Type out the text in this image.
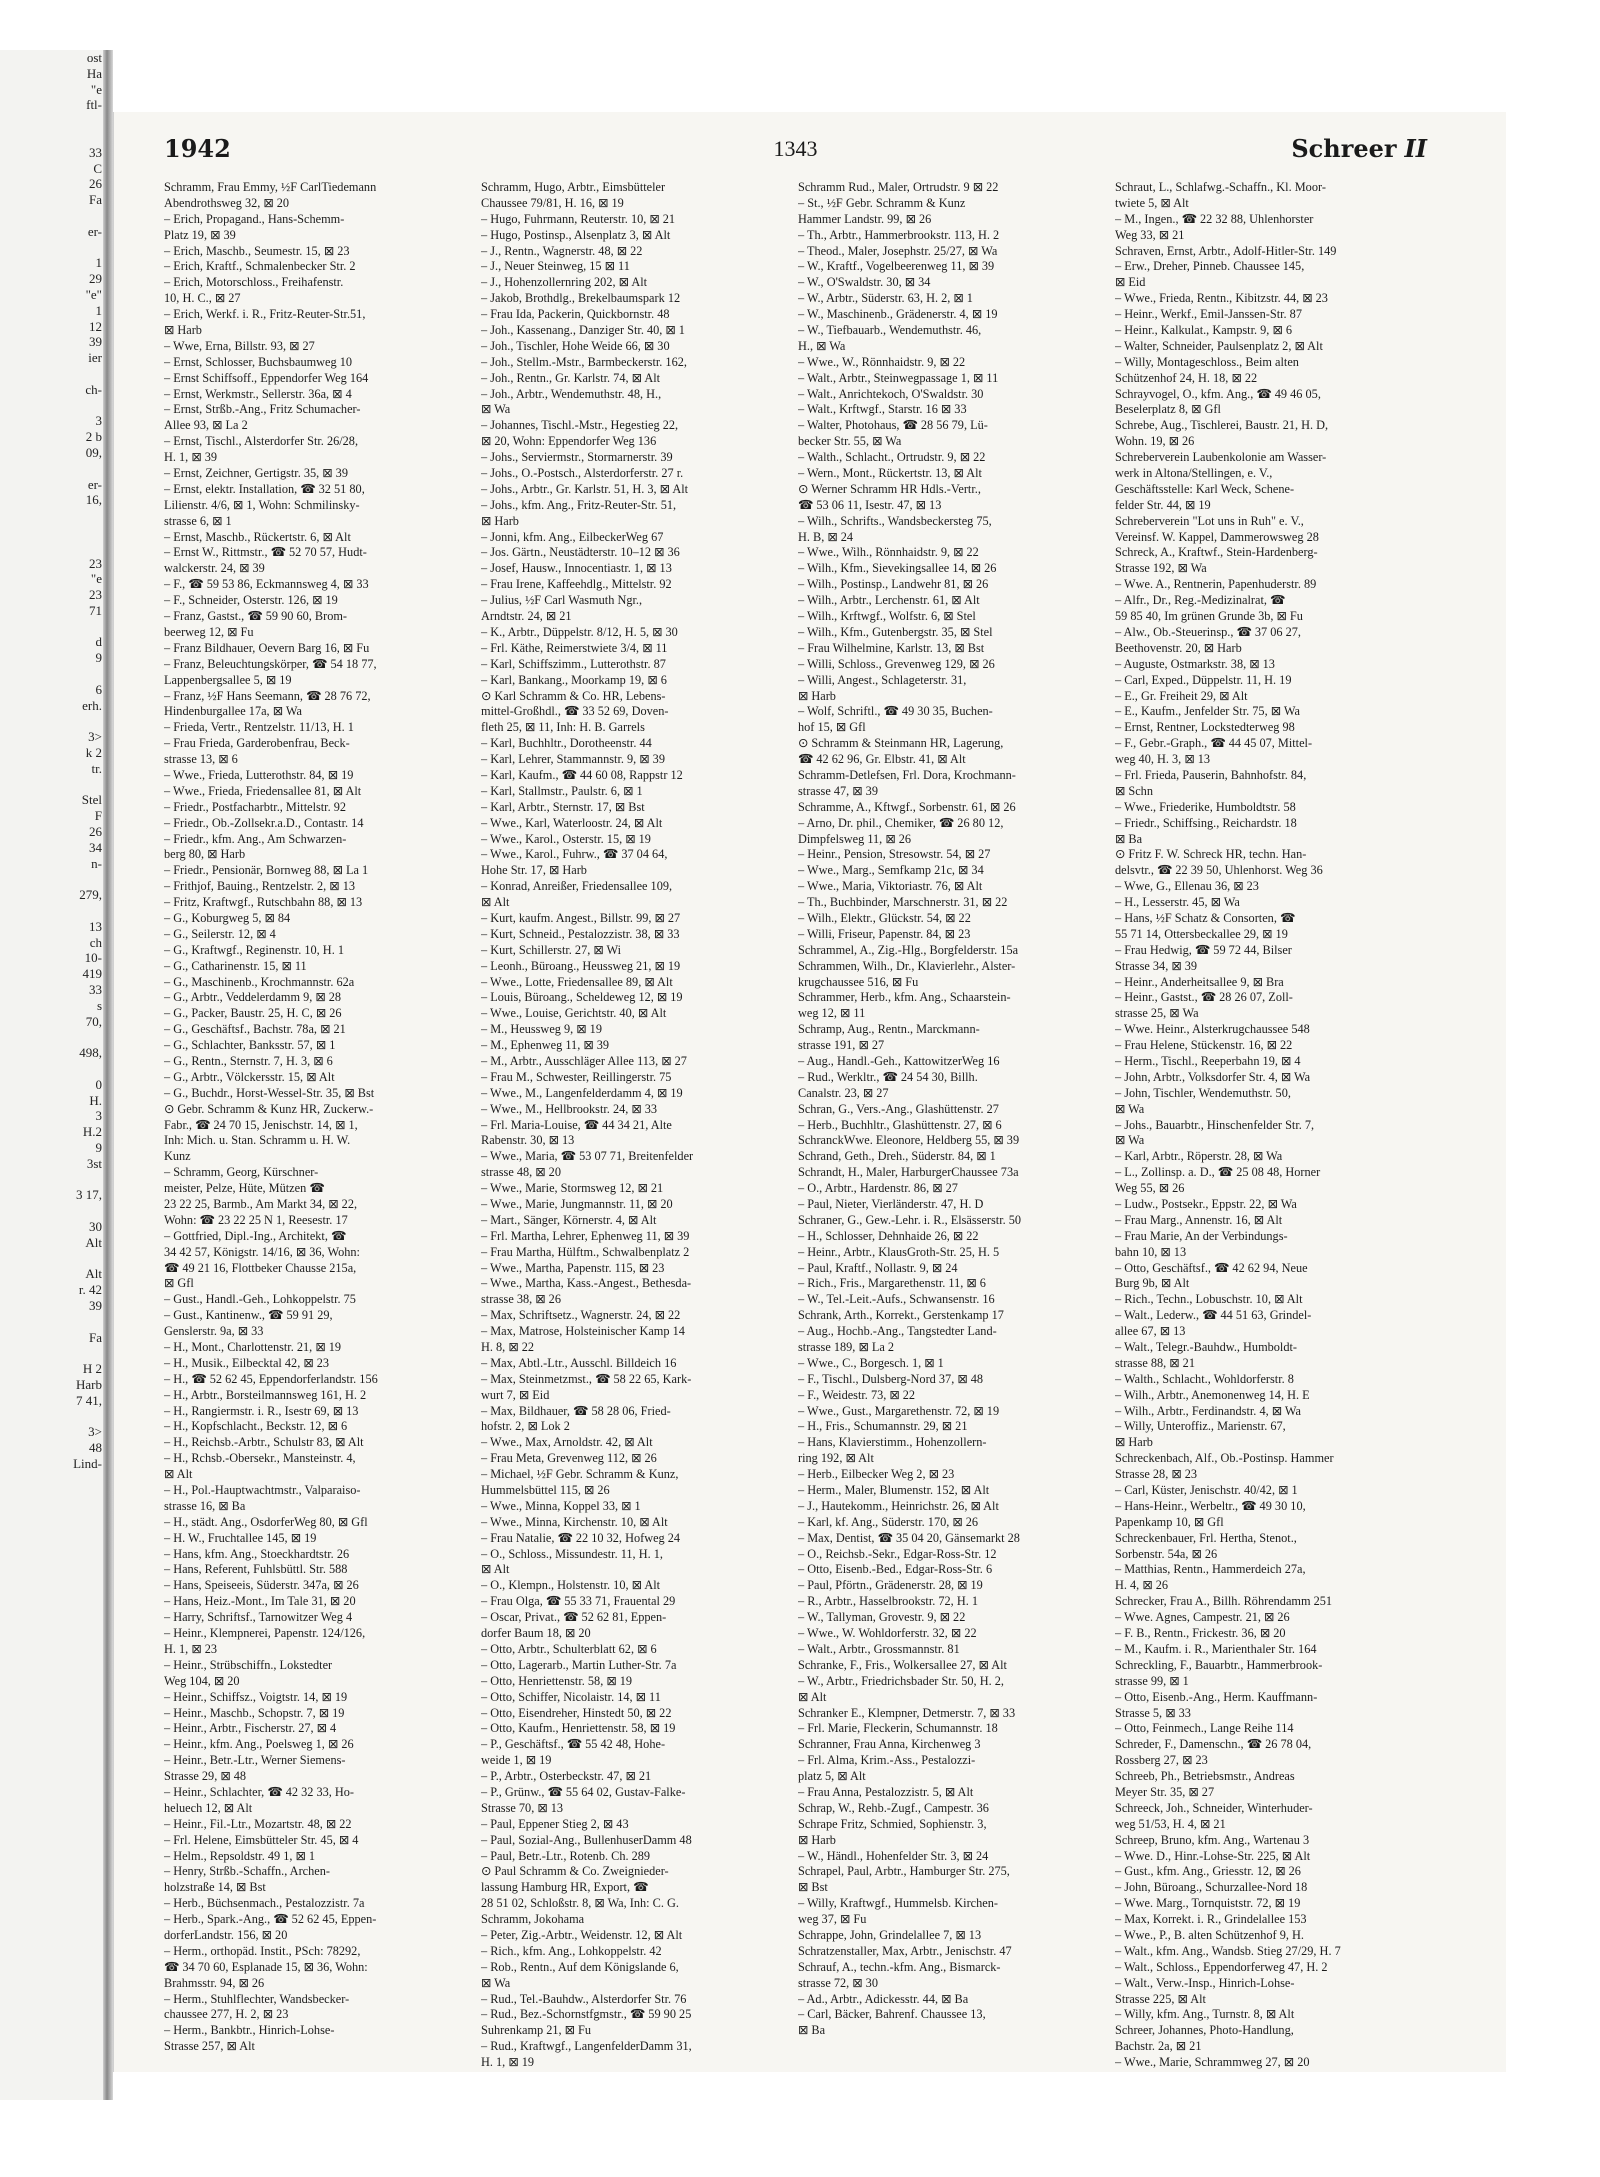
ost
Ha
"e
ftl-

33
C
26
Fa

er-

1
29
"e"
1
12
39
ier

ch-

3
2 b
09,

er-
16,

23
"e
23
71

d
9

6
erh.

3>
k 2
tr.

Stel
F
26
34
n-

279,

13
ch
10-
419
33
s
70,

498,

0
H.
3
H.2
9
3st

3 17,

30
Alt

Alt
r. 42
39

Fa

H 2
Harb
7 41,

3>
48
Lind-
1942	1343	Schreer II
Schramm, Frau Emmy, ½F CarlTiedemann
Abendrothsweg 32, ⊠ 20
– Erich, Propagand., Hans-Schemm-
Platz 19, ⊠ 39
– Erich, Maschb., Seumestr. 15, ⊠ 23
– Erich, Kraftf., Schmalenbecker Str. 2
– Erich, Motorschloss., Freihafenstr.
10, H. C., ⊠ 27
– Erich, Werkf. i. R., Fritz-Reuter-Str.51,
⊠ Harb
– Wwe, Erna, Billstr. 93, ⊠ 27
– Ernst, Schlosser, Buchsbaumweg 10
– Ernst Schiffsoff., Eppendorfer Weg 164
– Ernst, Werkmstr., Sellerstr. 36a, ⊠ 4
– Ernst, Strßb.-Ang., Fritz Schumacher-
Allee 93, ⊠ La 2
– Ernst, Tischl., Alsterdorfer Str. 26/28,
H. 1, ⊠ 39
– Ernst, Zeichner, Gertigstr. 35, ⊠ 39
– Ernst, elektr. Installation, ☎ 32 51 80,
Lilienstr. 4/6, ⊠ 1, Wohn: Schmilinsky-
strasse 6, ⊠ 1
– Ernst, Maschb., Rückertstr. 6, ⊠ Alt
– Ernst W., Rittmstr., ☎ 52 70 57, Hudt-
walckerstr. 24, ⊠ 39
– F., ☎ 59 53 86, Eckmannsweg 4, ⊠ 33
– F., Schneider, Osterstr. 126, ⊠ 19
– Franz, Gastst., ☎ 59 90 60, Brom-
beerweg 12, ⊠ Fu
– Franz Bildhauer, Oevern Barg 16, ⊠ Fu
– Franz, Beleuchtungskörper, ☎ 54 18 77,
Lappenbergsallee 5, ⊠ 19
– Franz, ½F Hans Seemann, ☎ 28 76 72,
Hindenburgallee 17a, ⊠ Wa
– Frieda, Vertr., Rentzelstr. 11/13, H. 1
– Frau Frieda, Garderobenfrau, Beck-
strasse 13, ⊠ 6
– Wwe., Frieda, Lutterothstr. 84, ⊠ 19
– Wwe., Frieda, Friedensallee 81, ⊠ Alt
– Friedr., Postfacharbtr., Mittelstr. 92
– Friedr., Ob.-Zollsekr.a.D., Contastr. 14
– Friedr., kfm. Ang., Am Schwarzen-
berg 80, ⊠ Harb
– Friedr., Pensionär, Bornweg 88, ⊠ La 1
– Frithjof, Bauing., Rentzelstr. 2, ⊠ 13
– Fritz, Kraftwgf., Rutschbahn 88, ⊠ 13
– G., Koburgweg 5, ⊠ 84
– G., Seilerstr. 12, ⊠ 4
– G., Kraftwgf., Reginenstr. 10, H. 1
– G., Catharinenstr. 15, ⊠ 11
– G., Maschinenb., Krochmannstr. 62a
– G., Arbtr., Veddelerdamm 9, ⊠ 28
– G., Packer, Baustr. 25, H. C, ⊠ 26
– G., Geschäftsf., Bachstr. 78a, ⊠ 21
– G., Schlachter, Banksstr. 57, ⊠ 1
– G., Rentn., Sternstr. 7, H. 3, ⊠ 6
– G., Arbtr., Völckersstr. 15, ⊠ Alt
– G., Buchdr., Horst-Wessel-Str. 35, ⊠ Bst
⊙ Gebr. Schramm & Kunz HR, Zuckerw.-
Fabr., ☎ 24 70 15, Jenischstr. 14, ⊠ 1,
Inh: Mich. u. Stan. Schramm u. H. W.
Kunz
– Schramm, Georg, Kürschner-
meister, Pelze, Hüte, Mützen ☎
23 22 25, Barmb., Am Markt 34, ⊠ 22,
Wohn: ☎ 23 22 25 N 1, Reesestr. 17
– Gottfried, Dipl.-Ing., Architekt, ☎
34 42 57, Königstr. 14/16, ⊠ 36, Wohn:
☎ 49 21 16, Flottbeker Chausse 215a,
⊠ Gfl
– Gust., Handl.-Geh., Lohkoppelstr. 75
– Gust., Kantinenw., ☎ 59 91 29,
Genslerstr. 9a, ⊠ 33
– H., Mont., Charlottenstr. 21, ⊠ 19
– H., Musik., Eilbecktal 42, ⊠ 23
– H., ☎ 52 62 45, Eppendorferlandstr. 156
– H., Arbtr., Borsteilmannsweg 161, H. 2
– H., Rangiermstr. i. R., Isestr 69, ⊠ 13
– H., Kopfschlacht., Beckstr. 12, ⊠ 6
– H., Reichsb.-Arbtr., Schulstr 83, ⊠ Alt
– H., Rchsb.-Obersekr., Mansteinstr. 4,
⊠ Alt
– H., Pol.-Hauptwachtmstr., Valparaiso-
strasse 16, ⊠ Ba
– H., städt. Ang., OsdorferWeg 80, ⊠ Gfl
– H. W., Fruchtallee 145, ⊠ 19
– Hans, kfm. Ang., Stoeckhardtstr. 26
– Hans, Referent, Fuhlsbüttl. Str. 588
– Hans, Speiseeis, Süderstr. 347a, ⊠ 26
– Hans, Heiz.-Mont., Im Tale 31, ⊠ 20
– Harry, Schriftsf., Tarnowitzer Weg 4
– Heinr., Klempnerei, Papenstr. 124/126,
H. 1, ⊠ 23
– Heinr., Strübschiffn., Lokstedter
Weg 104, ⊠ 20
– Heinr., Schiffsz., Voigtstr. 14, ⊠ 19
– Heinr., Maschb., Schopstr. 7, ⊠ 19
– Heinr., Arbtr., Fischerstr. 27, ⊠ 4
– Heinr., kfm. Ang., Poelsweg 1, ⊠ 26
– Heinr., Betr.-Ltr., Werner Siemens-
Strasse 29, ⊠ 48
– Heinr., Schlachter, ☎ 42 32 33, Ho-
heluech 12, ⊠ Alt
– Heinr., Fil.-Ltr., Mozartstr. 48, ⊠ 22
– Frl. Helene, Eimsbütteler Str. 45, ⊠ 4
– Helm., Repsoldstr. 49 1, ⊠ 1
– Henry, Strßb.-Schaffn., Archen-
holzstraße 14, ⊠ Bst
– Herb., Büchsenmach., Pestalozzistr. 7a
– Herb., Spark.-Ang., ☎ 52 62 45, Eppen-
dorferLandstr. 156, ⊠ 20
– Herm., orthopäd. Instit., PSch: 78292,
☎ 34 70 60, Esplanade 15, ⊠ 36, Wohn:
Brahmsstr. 94, ⊠ 26
– Herm., Stuhlflechter, Wandsbecker-
chaussee 277, H. 2, ⊠ 23
– Herm., Bankbtr., Hinrich-Lohse-
Strasse 257, ⊠ Alt
Schramm, Hugo, Arbtr., Eimsbütteler
Chaussee 79/81, H. 16, ⊠ 19
– Hugo, Fuhrmann, Reuterstr. 10, ⊠ 21
– Hugo, Postinsp., Alsenplatz 3, ⊠ Alt
– J., Rentn., Wagnerstr. 48, ⊠ 22
– J., Neuer Steinweg, 15 ⊠ 11
– J., Hohenzollernring 202, ⊠ Alt
– Jakob, Brothdlg., Brekelbaumspark 12
– Frau Ida, Packerin, Quickbornstr. 48
– Joh., Kassenang., Danziger Str. 40, ⊠ 1
– Joh., Tischler, Hohe Weide 66, ⊠ 30
– Joh., Stellm.-Mstr., Barmbeckerstr. 162,
– Joh., Rentn., Gr. Karlstr. 74, ⊠ Alt
– Joh., Arbtr., Wendemuthstr. 48, H.,
⊠ Wa
– Johannes, Tischl.-Mstr., Hegestieg 22,
⊠ 20, Wohn: Eppendorfer Weg 136
– Johs., Serviermstr., Stormarnerstr. 39
– Johs., O.-Postsch., Alsterdorferstr. 27 r.
– Johs., Arbtr., Gr. Karlstr. 51, H. 3, ⊠ Alt
– Johs., kfm. Ang., Fritz-Reuter-Str. 51,
⊠ Harb
– Jonni, kfm. Ang., EilbeckerWeg 67
– Jos. Gärtn., Neustädterstr. 10–12 ⊠ 36
– Josef, Hausw., Innocentiastr. 1, ⊠ 13
– Frau Irene, Kaffeehdlg., Mittelstr. 92
– Julius, ½F Carl Wasmuth Ngr.,
Arndtstr. 24, ⊠ 21
– K., Arbtr., Düppelstr. 8/12, H. 5, ⊠ 30
– Frl. Käthe, Reimerstwiete 3/4, ⊠ 11
– Karl, Schiffszimm., Lutterothstr. 87
– Karl, Bankang., Moorkamp 19, ⊠ 6
⊙ Karl Schramm & Co. HR, Lebens-
mittel-Großhdl., ☎ 33 52 69, Doven-
fleth 25, ⊠ 11, Inh: H. B. Garrels
– Karl, Buchhltr., Dorotheenstr. 44
– Karl, Lehrer, Stammannstr. 9, ⊠ 39
– Karl, Kaufm., ☎ 44 60 08, Rappstr 12
– Karl, Stallmstr., Paulstr. 6, ⊠ 1
– Karl, Arbtr., Sternstr. 17, ⊠ Bst
– Wwe., Karl, Waterloostr. 24, ⊠ Alt
– Wwe., Karol., Osterstr. 15, ⊠ 19
– Wwe., Karol., Fuhrw., ☎ 37 04 64,
Hohe Str. 17, ⊠ Harb
– Konrad, Anreißer, Friedensallee 109,
⊠ Alt
– Kurt, kaufm. Angest., Billstr. 99, ⊠ 27
– Kurt, Schneid., Pestalozzistr. 38, ⊠ 33
– Kurt, Schillerstr. 27, ⊠ Wi
– Leonh., Büroang., Heussweg 21, ⊠ 19
– Wwe., Lotte, Friedensallee 89, ⊠ Alt
– Louis, Büroang., Scheldeweg 12, ⊠ 19
– Wwe., Louise, Gerichtstr. 40, ⊠ Alt
– M., Heussweg 9, ⊠ 19
– M., Ephenweg 11, ⊠ 39
– M., Arbtr., Ausschläger Allee 113, ⊠ 27
– Frau M., Schwester, Reillingerstr. 75
– Wwe., M., Langenfelderdamm 4, ⊠ 19
– Wwe., M., Hellbrookstr. 24, ⊠ 33
– Frl. Maria-Louise, ☎ 44 34 21, Alte
Rabenstr. 30, ⊠ 13
– Wwe., Maria, ☎ 53 07 71, Breitenfelder
strasse 48, ⊠ 20
– Wwe., Marie, Stormsweg 12, ⊠ 21
– Wwe., Marie, Jungmannstr. 11, ⊠ 20
– Mart., Sänger, Körnerstr. 4, ⊠ Alt
– Frl. Martha, Lehrer, Ephenweg 11, ⊠ 39
– Frau Martha, Hülftm., Schwalbenplatz 2
– Wwe., Martha, Papenstr. 115, ⊠ 23
– Wwe., Martha, Kass.-Angest., Bethesda-
strasse 38, ⊠ 26
– Max, Schriftsetz., Wagnerstr. 24, ⊠ 22
– Max, Matrose, Holsteinischer Kamp 14
H. 8, ⊠ 22
– Max, Abtl.-Ltr., Ausschl. Billdeich 16
– Max, Steinmetzmst., ☎ 58 22 65, Kark-
wurt 7, ⊠ Eid
– Max, Bildhauer, ☎ 58 28 06, Fried-
hofstr. 2, ⊠ Lok 2
– Wwe., Max, Arnoldstr. 42, ⊠ Alt
– Frau Meta, Grevenweg 112, ⊠ 26
– Michael, ½F Gebr. Schramm & Kunz,
Hummelsbüttel 115, ⊠ 26
– Wwe., Minna, Koppel 33, ⊠ 1
– Wwe., Minna, Kirchenstr. 10, ⊠ Alt
– Frau Natalie, ☎ 22 10 32, Hofweg 24
– O., Schloss., Missundestr. 11, H. 1,
⊠ Alt
– O., Klempn., Holstenstr. 10, ⊠ Alt
– Frau Olga, ☎ 55 33 71, Frauental 29
– Oscar, Privat., ☎ 52 62 81, Eppen-
dorfer Baum 18, ⊠ 20
– Otto, Arbtr., Schulterblatt 62, ⊠ 6
– Otto, Lagerarb., Martin Luther-Str. 7a
– Otto, Henriettenstr. 58, ⊠ 19
– Otto, Schiffer, Nicolaistr. 14, ⊠ 11
– Otto, Eisendreher, Hinstedt 50, ⊠ 22
– Otto, Kaufm., Henriettenstr. 58, ⊠ 19
– P., Geschäftsf., ☎ 55 42 48, Hohe-
weide 1, ⊠ 19
– P., Arbtr., Osterbeckstr. 47, ⊠ 21
– P., Grünw., ☎ 55 64 02, Gustav-Falke-
Strasse 70, ⊠ 13
– Paul, Eppener Stieg 2, ⊠ 43
– Paul, Sozial-Ang., BullenhuserDamm 48
– Paul, Betr.-Ltr., Rotenb. Ch. 289
⊙ Paul Schramm & Co. Zweignieder-
lassung Hamburg HR, Export, ☎
28 51 02, Schloßstr. 8, ⊠ Wa, Inh: C. G.
Schramm, Jokohama
– Peter, Zig.-Arbtr., Weidenstr. 12, ⊠ Alt
– Rich., kfm. Ang., Lohkoppelstr. 42
– Rob., Rentn., Auf dem Königslande 6,
⊠ Wa
– Rud., Tel.-Bauhdw., Alsterdorfer Str. 76
– Rud., Bez.-Schornstfgmstr., ☎ 59 90 25
Suhrenkamp 21, ⊠ Fu
– Rud., Kraftwgf., LangenfelderDamm 31,
H. 1, ⊠ 19
Schramm Rud., Maler, Ortrudstr. 9 ⊠ 22
– St., ½F Gebr. Schramm & Kunz
Hammer Landstr. 99, ⊠ 26
– Th., Arbtr., Hammerbrookstr. 113, H. 2
– Theod., Maler, Josephstr. 25/27, ⊠ Wa
– W., Kraftf., Vogelbeerenweg 11, ⊠ 39
– W., O'Swaldstr. 30, ⊠ 34
– W., Arbtr., Süderstr. 63, H. 2, ⊠ 1
– W., Maschinenb., Grädenerstr. 4, ⊠ 19
– W., Tiefbauarb., Wendemuthstr. 46,
H., ⊠ Wa
– Wwe., W., Rönnhaidstr. 9, ⊠ 22
– Walt., Arbtr., Steinwegpassage 1, ⊠ 11
– Walt., Anrichtekoch, O'Swaldstr. 30
– Walt., Krftwgf., Starstr. 16 ⊠ 33
– Walter, Photohaus, ☎ 28 56 79, Lü-
becker Str. 55, ⊠ Wa
– Walth., Schlacht., Ortrudstr. 9, ⊠ 22
– Wern., Mont., Rückertstr. 13, ⊠ Alt
⊙ Werner Schramm HR Hdls.-Vertr.,
☎ 53 06 11, Isestr. 47, ⊠ 13
– Wilh., Schrifts., Wandsbeckersteg 75,
H. B, ⊠ 24
– Wwe., Wilh., Rönnhaidstr. 9, ⊠ 22
– Wilh., Kfm., Sievekingsallee 14, ⊠ 26
– Wilh., Postinsp., Landwehr 81, ⊠ 26
– Wilh., Arbtr., Lerchenstr. 61, ⊠ Alt
– Wilh., Krftwgf., Wolfstr. 6, ⊠ Stel
– Wilh., Kfm., Gutenbergstr. 35, ⊠ Stel
– Frau Wilhelmine, Karlstr. 13, ⊠ Bst
– Willi, Schloss., Grevenweg 129, ⊠ 26
– Willi, Angest., Schlageterstr. 31,
⊠ Harb
– Wolf, Schriftl., ☎ 49 30 35, Buchen-
hof 15, ⊠ Gfl
⊙ Schramm & Steinmann HR, Lagerung,
☎ 42 62 96, Gr. Elbstr. 41, ⊠ Alt
Schramm-Detlefsen, Frl. Dora, Krochmann-
strasse 47, ⊠ 39
Schramme, A., Kftwgf., Sorbenstr. 61, ⊠ 26
– Arno, Dr. phil., Chemiker, ☎ 26 80 12,
Dimpfelsweg 11, ⊠ 26
– Heinr., Pension, Stresowstr. 54, ⊠ 27
– Wwe., Marg., Semfkamp 21c, ⊠ 34
– Wwe., Maria, Viktoriastr. 76, ⊠ Alt
– Th., Buchbinder, Marschnerstr. 31, ⊠ 22
– Wilh., Elektr., Glückstr. 54, ⊠ 22
– Willi, Friseur, Papenstr. 84, ⊠ 23
Schrammel, A., Zig.-Hlg., Borgfelderstr. 15a
Schrammen, Wilh., Dr., Klavierlehr., Alster-
krugchaussee 516, ⊠ Fu
Schrammer, Herb., kfm. Ang., Schaarstein-
weg 12, ⊠ 11
Schramp, Aug., Rentn., Marckmann-
strasse 191, ⊠ 27
– Aug., Handl.-Geh., KattowitzerWeg 16
– Rud., Werkltr., ☎ 24 54 30, Billh.
Canalstr. 23, ⊠ 27
Schran, G., Vers.-Ang., Glashüttenstr. 27
– Herb., Buchhltr., Glashüttenstr. 27, ⊠ 6
SchranckWwe. Eleonore, Heldberg 55, ⊠ 39
Schrand, Geth., Dreh., Süderstr. 84, ⊠ 1
Schrandt, H., Maler, HarburgerChaussee 73a
– O., Arbtr., Hardenstr. 86, ⊠ 27
– Paul, Nieter, Vierländerstr. 47, H. D
Schraner, G., Gew.-Lehr. i. R., Elsässerstr. 50
– H., Schlosser, Dehnhaide 26, ⊠ 22
– Heinr., Arbtr., KlausGroth-Str. 25, H. 5
– Paul, Kraftf., Nollastr. 9, ⊠ 24
– Rich., Fris., Margarethenstr. 11, ⊠ 6
– W., Tel.-Leit.-Aufs., Schwansenstr. 16
Schrank, Arth., Korrekt., Gerstenkamp 17
– Aug., Hochb.-Ang., Tangstedter Land-
strasse 189, ⊠ La 2
– Wwe., C., Borgesch. 1, ⊠ 1
– F., Tischl., Dulsberg-Nord 37, ⊠ 48
– F., Weidestr. 73, ⊠ 22
– Wwe., Gust., Margarethenstr. 72, ⊠ 19
– H., Fris., Schumannstr. 29, ⊠ 21
– Hans, Klavierstimm., Hohenzollern-
ring 192, ⊠ Alt
– Herb., Eilbecker Weg 2, ⊠ 23
– Herm., Maler, Blumenstr. 152, ⊠ Alt
– J., Hautekomm., Heinrichstr. 26, ⊠ Alt
– Karl, kf. Ang., Süderstr. 170, ⊠ 26
– Max, Dentist, ☎ 35 04 20, Gänsemarkt 28
– O., Reichsb.-Sekr., Edgar-Ross-Str. 12
– Otto, Eisenb.-Bed., Edgar-Ross-Str. 6
– Paul, Pförtn., Grädenerstr. 28, ⊠ 19
– R., Arbtr., Hasselbrookstr. 72, H. 1
– W., Tallyman, Grovestr. 9, ⊠ 22
– Wwe., W. Wohldorferstr. 32, ⊠ 22
– Walt., Arbtr., Grossmannstr. 81
Schranke, F., Fris., Wolkersallee 27, ⊠ Alt
– W., Arbtr., Friedrichsbader Str. 50, H. 2,
⊠ Alt
Schranker E., Klempner, Detmerstr. 7, ⊠ 33
– Frl. Marie, Fleckerin, Schumannstr. 18
Schranner, Frau Anna, Kirchenweg 3
– Frl. Alma, Krim.-Ass., Pestalozzi-
platz 5, ⊠ Alt
– Frau Anna, Pestalozzistr. 5, ⊠ Alt
Schrap, W., Rehb.-Zugf., Campestr. 36
Schrape Fritz, Schmied, Sophienstr. 3,
⊠ Harb
– W., Händl., Hohenfelder Str. 3, ⊠ 24
Schrapel, Paul, Arbtr., Hamburger Str. 275,
⊠ Bst
– Willy, Kraftwgf., Hummelsb. Kirchen-
weg 37, ⊠ Fu
Schrappe, John, Grindelallee 7, ⊠ 13
Schratzenstaller, Max, Arbtr., Jenischstr. 47
Schrauf, A., techn.-kfm. Ang., Bismarck-
strasse 72, ⊠ 30
– Ad., Arbtr., Adickesstr. 44, ⊠ Ba
– Carl, Bäcker, Bahrenf. Chaussee 13,
⊠ Ba
Schraut, L., Schlafwg.-Schaffn., Kl. Moor-
twiete 5, ⊠ Alt
– M., Ingen., ☎ 22 32 88, Uhlenhorster
Weg 33, ⊠ 21
Schraven, Ernst, Arbtr., Adolf-Hitler-Str. 149
– Erw., Dreher, Pinneb. Chaussee 145,
⊠ Eid
– Wwe., Frieda, Rentn., Kibitzstr. 44, ⊠ 23
– Heinr., Werkf., Emil-Janssen-Str. 87
– Heinr., Kalkulat., Kampstr. 9, ⊠ 6
– Walter, Schneider, Paulsenplatz 2, ⊠ Alt
– Willy, Montageschloss., Beim alten
Schützenhof 24, H. 18, ⊠ 22
Schrayvogel, O., kfm. Ang., ☎ 49 46 05,
Beselerplatz 8, ⊠ Gfl
Schrebe, Aug., Tischlerei, Baustr. 21, H. D,
Wohn. 19, ⊠ 26
Schreberverein Laubenkolonie am Wasser-
werk in Altona/Stellingen, e. V.,
Geschäftsstelle: Karl Weck, Schene-
felder Str. 44, ⊠ 19
Schreberverein "Lot uns in Ruh" e. V.,
Vereinsf. W. Kappel, Dammerowsweg 28
Schreck, A., Kraftwf., Stein-Hardenberg-
Strasse 192, ⊠ Wa
– Wwe. A., Rentnerin, Papenhuderstr. 89
– Alfr., Dr., Reg.-Medizinalrat, ☎
59 85 40, Im grünen Grunde 3b, ⊠ Fu
– Alw., Ob.-Steuerinsp., ☎ 37 06 27,
Beethovenstr. 20, ⊠ Harb
– Auguste, Ostmarkstr. 38, ⊠ 13
– Carl, Exped., Düppelstr. 11, H. 19
– E., Gr. Freiheit 29, ⊠ Alt
– E., Kaufm., Jenfelder Str. 75, ⊠ Wa
– Ernst, Rentner, Lockstedterweg 98
– F., Gebr.-Graph., ☎ 44 45 07, Mittel-
weg 40, H. 3, ⊠ 13
– Frl. Frieda, Pauserin, Bahnhofstr. 84,
⊠ Schn
– Wwe., Friederike, Humboldtstr. 58
– Friedr., Schiffsing., Reichardstr. 18
⊠ Ba
⊙ Fritz F. W. Schreck HR, techn. Han-
delsvtr., ☎ 22 39 50, Uhlenhorst. Weg 36
– Wwe, G., Ellenau 36, ⊠ 23
– H., Lesserstr. 45, ⊠ Wa
– Hans, ½F Schatz & Consorten, ☎
55 71 14, Ottersbeckallee 29, ⊠ 19
– Frau Hedwig, ☎ 59 72 44, Bilser
Strasse 34, ⊠ 39
– Heinr., Anderheitsallee 9, ⊠ Bra
– Heinr., Gastst., ☎ 28 26 07, Zoll-
strasse 25, ⊠ Wa
– Wwe. Heinr., Alsterkrugchaussee 548
– Frau Helene, Stückenstr. 16, ⊠ 22
– Herm., Tischl., Reeperbahn 19, ⊠ 4
– John, Arbtr., Volksdorfer Str. 4, ⊠ Wa
– John, Tischler, Wendemuthstr. 50,
⊠ Wa
– Johs., Bauarbtr., Hinschenfelder Str. 7,
⊠ Wa
– Karl, Arbtr., Röperstr. 28, ⊠ Wa
– L., Zollinsp. a. D., ☎ 25 08 48, Horner
Weg 55, ⊠ 26
– Ludw., Postsekr., Eppstr. 22, ⊠ Wa
– Frau Marg., Annenstr. 16, ⊠ Alt
– Frau Marie, An der Verbindungs-
bahn 10, ⊠ 13
– Otto, Geschäftsf., ☎ 42 62 94, Neue
Burg 9b, ⊠ Alt
– Rich., Techn., Lobuschstr. 10, ⊠ Alt
– Walt., Lederw., ☎ 44 51 63, Grindel-
allee 67, ⊠ 13
– Walt., Telegr.-Bauhdw., Humboldt-
strasse 88, ⊠ 21
– Walth., Schlacht., Wohldorferstr. 8
– Wilh., Arbtr., Anemonenweg 14, H. E
– Wilh., Arbtr., Ferdinandstr. 4, ⊠ Wa
– Willy, Unteroffiz., Marienstr. 67,
⊠ Harb
Schreckenbach, Alf., Ob.-Postinsp. Hammer
Strasse 28, ⊠ 23
– Carl, Küster, Jenischstr. 40/42, ⊠ 1
– Hans-Heinr., Werbeltr., ☎ 49 30 10,
Papenkamp 10, ⊠ Gfl
Schreckenbauer, Frl. Hertha, Stenot.,
Sorbenstr. 54a, ⊠ 26
– Matthias, Rentn., Hammerdeich 27a,
H. 4, ⊠ 26
Schrecker, Frau A., Billh. Röhrendamm 251
– Wwe. Agnes, Campestr. 21, ⊠ 26
– F. B., Rentn., Frickestr. 36, ⊠ 20
– M., Kaufm. i. R., Marienthaler Str. 164
Schreckling, F., Bauarbtr., Hammerbrook-
strasse 99, ⊠ 1
– Otto, Eisenb.-Ang., Herm. Kauffmann-
Strasse 5, ⊠ 33
– Otto, Feinmech., Lange Reihe 114
Schreder, F., Damenschn., ☎ 26 78 04,
Rossberg 27, ⊠ 23
Schreeb, Ph., Betriebsmstr., Andreas
Meyer Str. 35, ⊠ 27
Schreeck, Joh., Schneider, Winterhuder-
weg 51/53, H. 4, ⊠ 21
Schreep, Bruno, kfm. Ang., Wartenau 3
– Wwe. D., Hinr.-Lohse-Str. 225, ⊠ Alt
– Gust., kfm. Ang., Griesstr. 12, ⊠ 26
– John, Büroang., Schurzallee-Nord 18
– Wwe. Marg., Tornquiststr. 72, ⊠ 19
– Max, Korrekt. i. R., Grindelallee 153
– Wwe., P., B. alten Schützenhof 9, H.
– Walt., kfm. Ang., Wandsb. Stieg 27/29, H. 7
– Walt., Schloss., Eppendorferweg 47, H. 2
– Walt., Verw.-Insp., Hinrich-Lohse-
Strasse 225, ⊠ Alt
– Willy, kfm. Ang., Turnstr. 8, ⊠ Alt
Schreer, Johannes, Photo-Handlung,
Bachstr. 2a, ⊠ 21
– Wwe., Marie, Schrammweg 27, ⊠ 20
